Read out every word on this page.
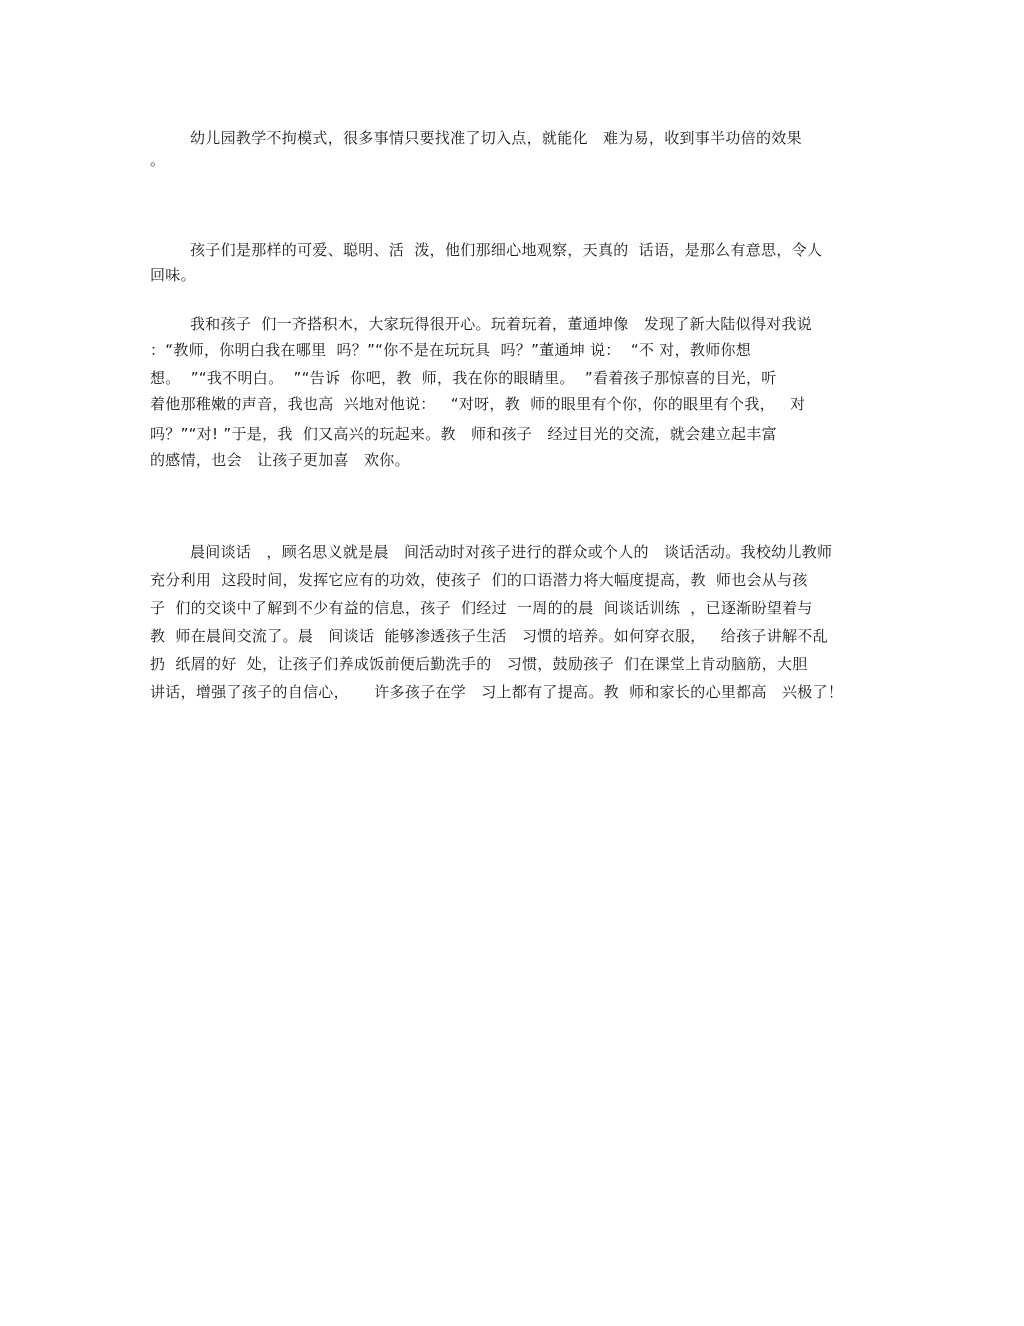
幼儿园教学不拘模式，很多事情只要找准了切入点，就能化   难为易，收到事半功倍的效果
。
孩子们是那样的可爱、聪明、活  泼，他们那细心地观察，天真的  话语，是那么有意思，令人
回味。
我和孩子  们一齐搭积木，大家玩得很开心。玩着玩着，董通坤像   发现了新大陆似得对我说
：“教师，你明白我在哪里  吗？”“你不是在玩玩具  吗？”董通坤 说：  “不 对，教师你想
想。  ”“我不明白。  ”“告诉  你吧，教  师，我在你的眼睛里。  ”看着孩子那惊喜的目光，听
着他那稚嫩的声音，我也高  兴地对他说：   “对呀，教  师的眼里有个你，你的眼里有个我，   对
吗？”“对! ”于是，我  们又高兴的玩起来。教   师和孩子   经过目光的交流，就会建立起丰富
的感情，也会   让孩子更加喜   欢你。
晨间谈话   ，顾名思义就是晨   间活动时对孩子进行的群众或个人的   谈话活动。我校幼儿教师
充分利用  这段时间，发挥它应有的功效，使孩子  们的口语潜力将大幅度提高，教  师也会从与孩
子  们的交谈中了解到不少有益的信息，孩子  们经过  一周的的晨  间谈话训练  ，已逐渐盼望着与
教  师在晨间交流了。晨   间谈话  能够渗透孩子生活   习惯的培养。如何穿衣服，   给孩子讲解不乱
扔  纸屑的好  处，让孩子们养成饭前便后勤洗手的   习惯，鼓励孩子  们在课堂上肯动脑筋，大胆
讲话，增强了孩子的自信心，     许多孩子在学   习上都有了提高。教  师和家长的心里都高   兴极了！
